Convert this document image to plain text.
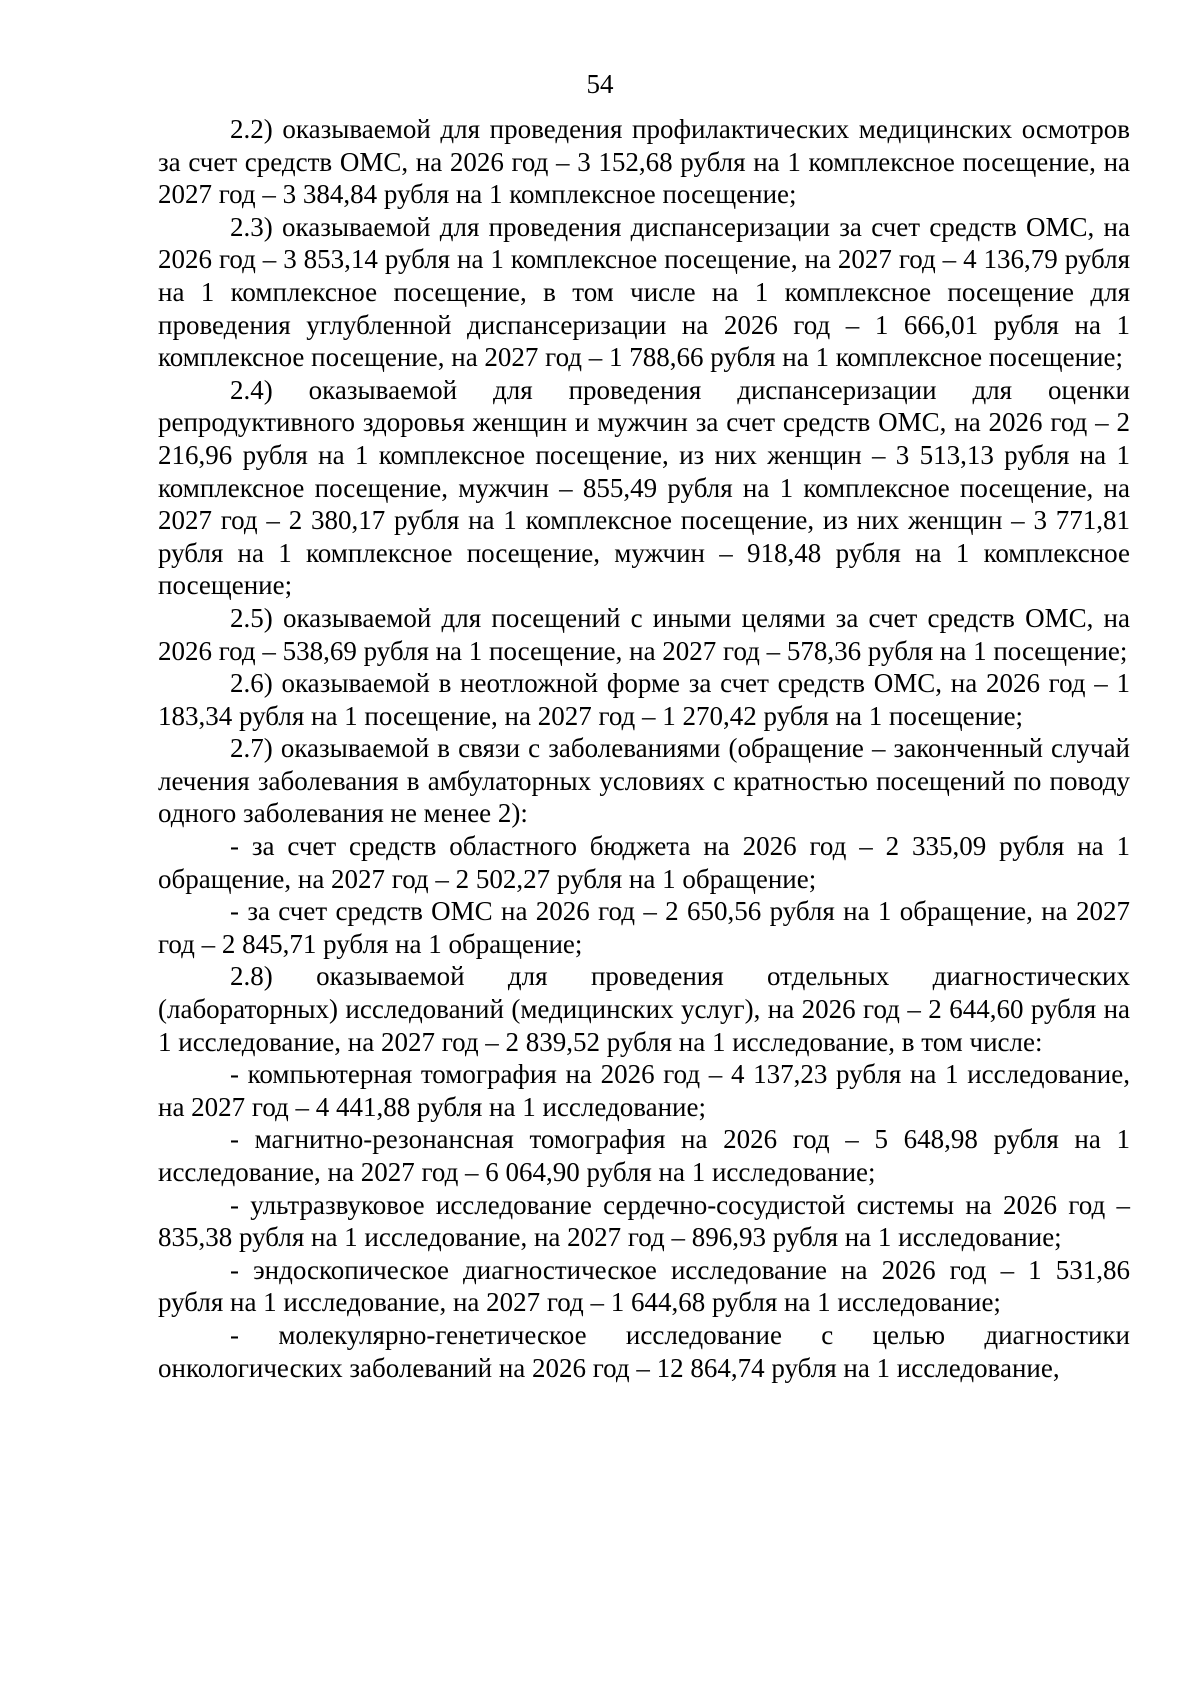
54

2.2) оказываемой для проведения профилактических медицинских осмотров за счет средств ОМС, на 2026 год – 3 152,68 рубля на 1 комплексное посещение, на 2027 год – 3 384,84 рубля на 1 комплексное посещение;

2.3) оказываемой для проведения диспансеризации за счет средств ОМС, на 2026 год – 3 853,14 рубля на 1 комплексное посещение, на 2027 год – 4 136,79 рубля на 1 комплексное посещение, в том числе на 1 комплексное посещение для проведения углубленной диспансеризации на 2026 год – 1 666,01 рубля на 1 комплексное посещение, на 2027 год – 1 788,66 рубля на 1 комплексное посещение;

2.4) оказываемой для проведения диспансеризации для оценки репродуктивного здоровья женщин и мужчин за счет средств ОМС, на 2026 год – 2 216,96 рубля на 1 комплексное посещение, из них женщин – 3 513,13 рубля на 1 комплексное посещение, мужчин – 855,49 рубля на 1 комплексное посещение, на 2027 год – 2 380,17 рубля на 1 комплексное посещение, из них женщин – 3 771,81 рубля на 1 комплексное посещение, мужчин – 918,48 рубля на 1 комплексное посещение;

2.5) оказываемой для посещений с иными целями за счет средств ОМС, на 2026 год – 538,69 рубля на 1 посещение, на 2027 год – 578,36 рубля на 1 посещение;

2.6) оказываемой в неотложной форме за счет средств ОМС, на 2026 год – 1 183,34 рубля на 1 посещение, на 2027 год – 1 270,42 рубля на 1 посещение;

2.7) оказываемой в связи с заболеваниями (обращение – законченный случай лечения заболевания в амбулаторных условиях с кратностью посещений по поводу одного заболевания не менее 2):

- за счет средств областного бюджета на 2026 год – 2 335,09 рубля на 1 обращение, на 2027 год – 2 502,27 рубля на 1 обращение;

- за счет средств ОМС на 2026 год – 2 650,56 рубля на 1 обращение, на 2027 год – 2 845,71 рубля на 1 обращение;

2.8) оказываемой для проведения отдельных диагностических (лабораторных) исследований (медицинских услуг), на 2026 год – 2 644,60 рубля на 1 исследование, на 2027 год – 2 839,52 рубля на 1 исследование, в том числе:

- компьютерная томография на 2026 год – 4 137,23 рубля на 1 исследование, на 2027 год – 4 441,88 рубля на 1 исследование;

- магнитно-резонансная томография на 2026 год – 5 648,98 рубля на 1 исследование, на 2027 год – 6 064,90 рубля на 1 исследование;

- ультразвуковое исследование сердечно-сосудистой системы на 2026 год – 835,38 рубля на 1 исследование, на 2027 год – 896,93 рубля на 1 исследование;

- эндоскопическое диагностическое исследование на 2026 год – 1 531,86 рубля на 1 исследование, на 2027 год – 1 644,68 рубля на 1 исследование;

- молекулярно-генетическое исследование с целью диагностики онкологических заболеваний на 2026 год – 12 864,74 рубля на 1 исследование,
